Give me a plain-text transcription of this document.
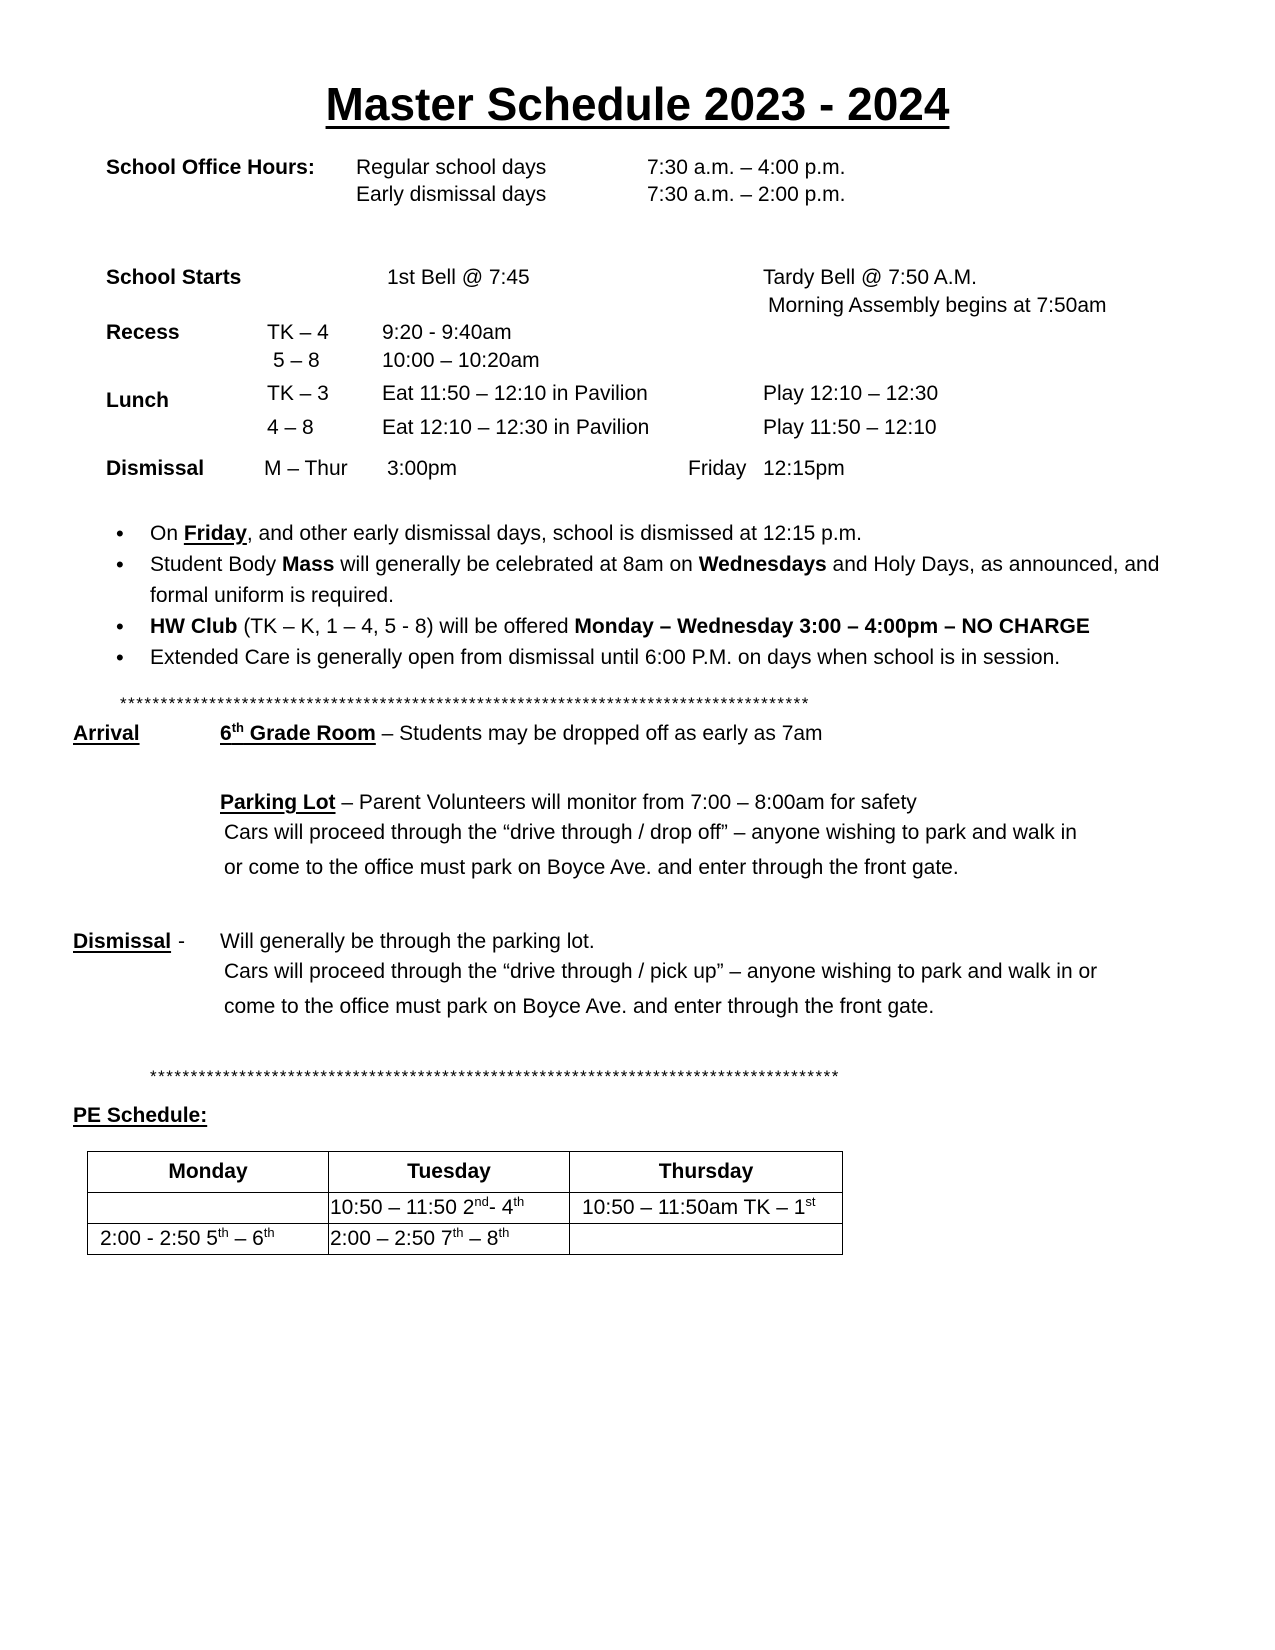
Master Schedule 2023 - 2024
School Office Hours: Regular school days	7:30 a.m. – 4:00 p.m.
Early dismissal days	7:30 a.m. – 2:00 p.m.
School Starts	1st Bell @ 7:45	Tardy Bell @ 7:50 A.M.
Morning Assembly begins at 7:50am
Recess	TK – 4	9:20 - 9:40am
5 – 8	10:00 – 10:20am
Lunch	TK – 3	Eat 11:50 – 12:10 in Pavilion	Play 12:10 – 12:30
4 – 8	Eat 12:10 – 12:30 in Pavilion	Play 11:50 – 12:10
Dismissal	M – Thur 3:00pm	Friday 12:15pm
• On Friday, and other early dismissal days, school is dismissed at 12:15 p.m.
• Student Body Mass will generally be celebrated at 8am on Wednesdays and Holy Days, as announced, and formal uniform is required.
• HW Club (TK – K, 1 – 4, 5 - 8) will be offered Monday – Wednesday 3:00 – 4:00pm – NO CHARGE
• Extended Care is generally open from dismissal until 6:00 P.M. on days when school is in session.
*************************************************************************************
Arrival	6th Grade Room – Students may be dropped off as early as 7am
Parking Lot – Parent Volunteers will monitor from 7:00 – 8:00am for safety
Cars will proceed through the “drive through / drop off” – anyone wishing to park and walk in
or come to the office must park on Boyce Ave. and enter through the front gate.
Dismissal - Will generally be through the parking lot.
Cars will proceed through the “drive through / pick up” – anyone wishing to park and walk in or
come to the office must park on Boyce Ave. and enter through the front gate.
*************************************************************************************
PE Schedule:
Monday	Tuesday	Thursday
	10:50 – 11:50 2nd- 4th	10:50 – 11:50am TK – 1st
2:00 - 2:50 5th – 6th	2:00 – 2:50 7th – 8th	
